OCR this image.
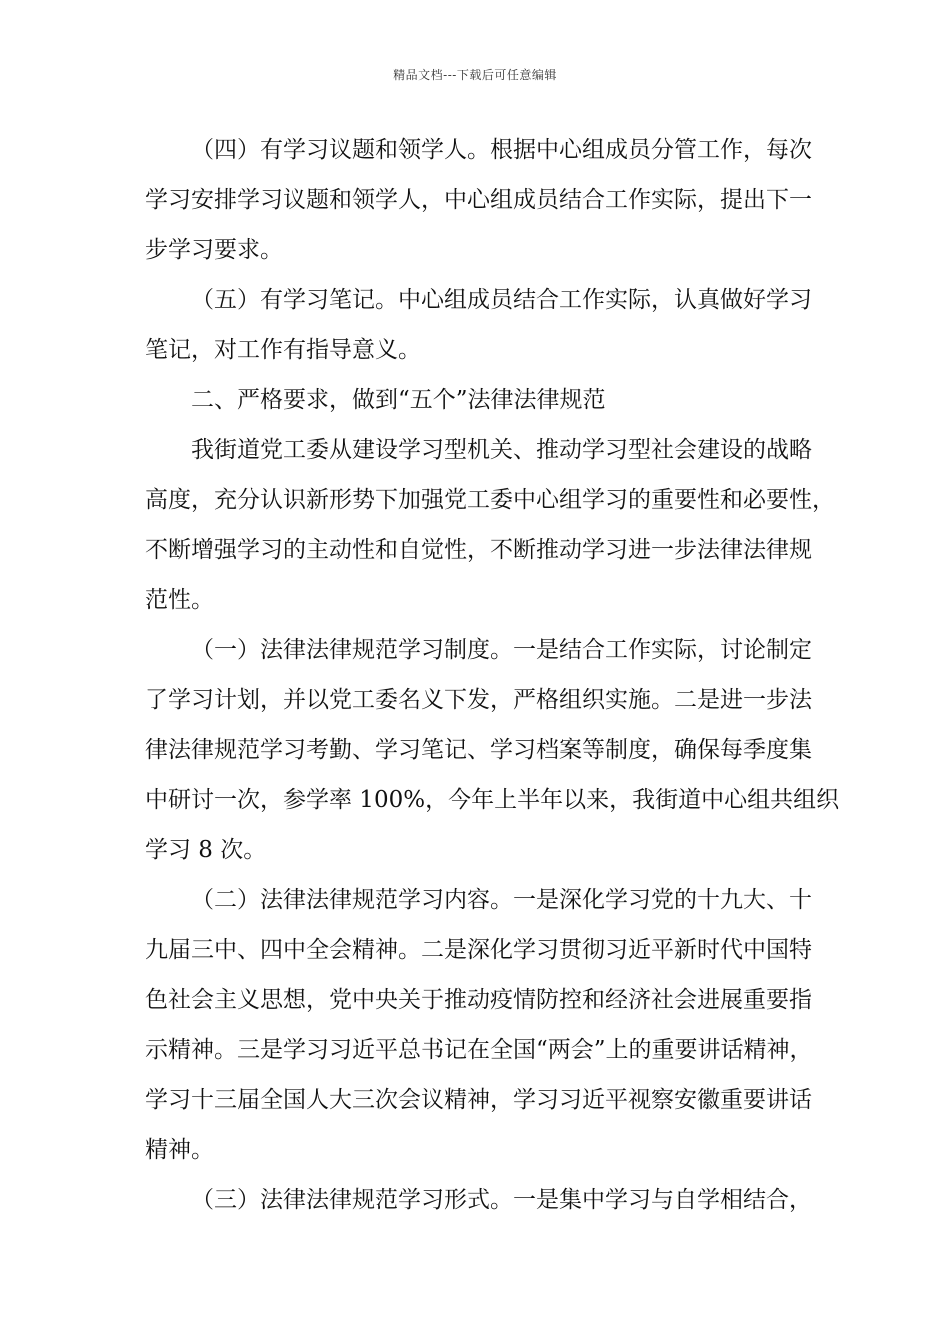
精品文档---下载后可任意编辑
（四）有学习议题和领学人。根据中心组成员分管工作，每次
学习安排学习议题和领学人，中心组成员结合工作实际，提出下一
步学习要求。
（五）有学习笔记。中心组成员结合工作实际，认真做好学习
笔记，对工作有指导意义。
二、严格要求，做到“五个”法律法律规范
我街道党工委从建设学习型机关、推动学习型社会建设的战略
高度，充分认识新形势下加强党工委中心组学习的重要性和必要性，
不断增强学习的主动性和自觉性，不断推动学习进一步法律法律规
范性。
（一）法律法律规范学习制度。一是结合工作实际，讨论制定
了学习计划，并以党工委名义下发，严格组织实施。二是进一步法
律法律规范学习考勤、学习笔记、学习档案等制度，确保每季度集
中研讨一次，参学率 100%，今年上半年以来，我街道中心组共组织
学习 8 次。
（二）法律法律规范学习内容。一是深化学习党的十九大、十
九届三中、四中全会精神。二是深化学习贯彻习近平新时代中国特
色社会主义思想，党中央关于推动疫情防控和经济社会进展重要指
示精神。三是学习习近平总书记在全国“两会”上的重要讲话精神，
学习十三届全国人大三次会议精神，学习习近平视察安徽重要讲话
精神。
（三）法律法律规范学习形式。一是集中学习与自学相结合，
